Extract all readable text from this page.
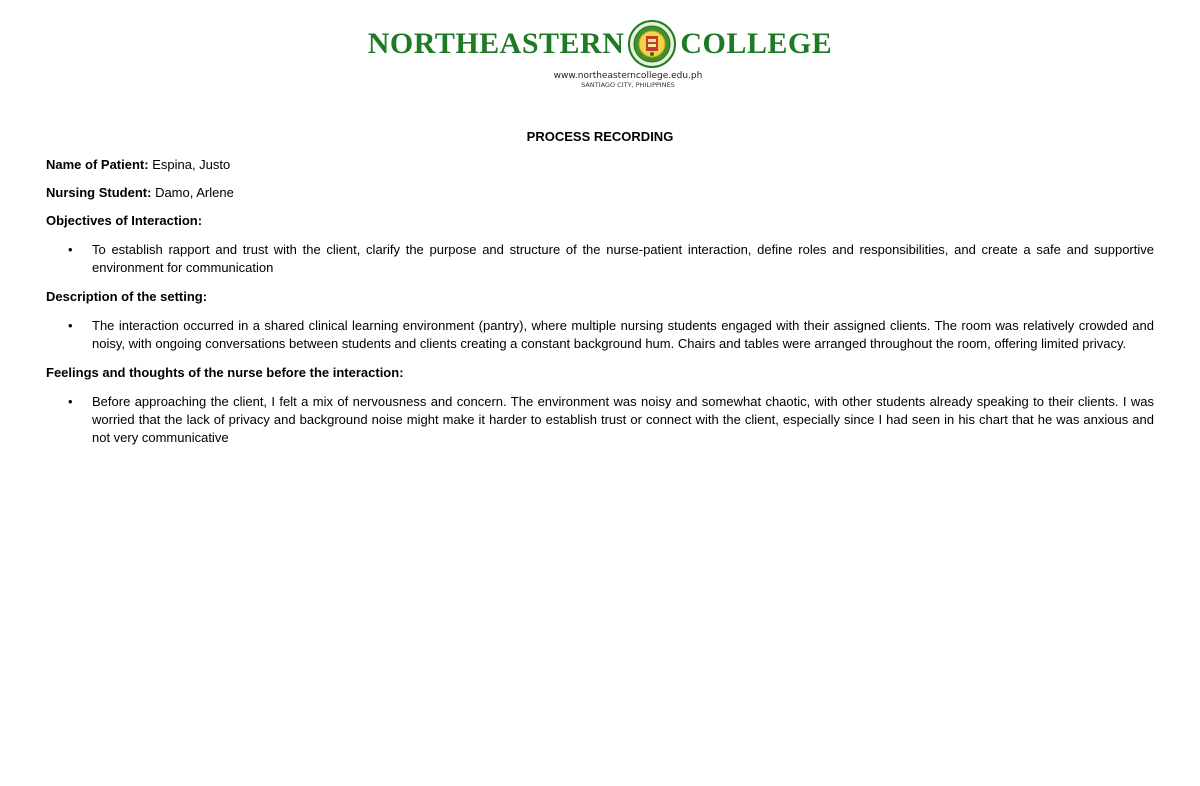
NORTHEASTERN COLLEGE
www.northeasterncollege.edu.ph
SANTIAGO CITY, PHILIPPINES
PROCESS RECORDING
Name of Patient: Espina, Justo
Nursing Student: Damo, Arlene
Objectives of Interaction:
• To establish rapport and trust with the client, clarify the purpose and structure of the nurse-patient interaction, define roles and responsibilities, and create a safe and supportive environment for communication
Description of the setting:
• The interaction occurred in a shared clinical learning environment (pantry), where multiple nursing students engaged with their assigned clients. The room was relatively crowded and noisy, with ongoing conversations between students and clients creating a constant background hum. Chairs and tables were arranged throughout the room, offering limited privacy.
Feelings and thoughts of the nurse before the interaction:
• Before approaching the client, I felt a mix of nervousness and concern. The environment was noisy and somewhat chaotic, with other students already speaking to their clients. I was worried that the lack of privacy and background noise might make it harder to establish trust or connect with the client, especially since I had seen in his chart that he was anxious and not very communicative
